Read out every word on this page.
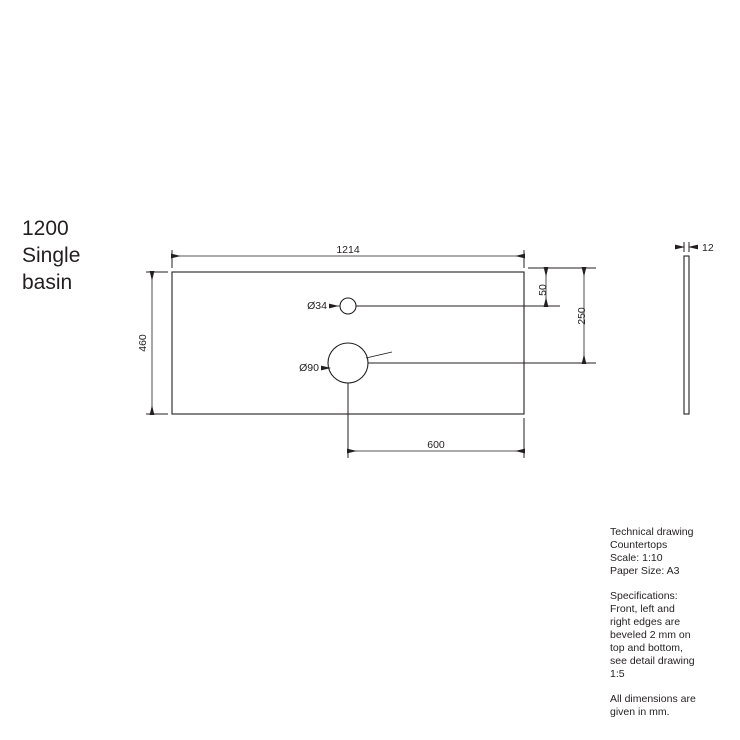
1214
460
600
250
50
Ø34
Ø90
12
1200
Single
basin
Technical drawing
Countertops
Scale: 1:10
Paper Size: A3
Specifications:
Front, left and
right edges are
beveled 2 mm on
top and bottom,
see detail drawing
1:5
All dimensions are
given in mm.
